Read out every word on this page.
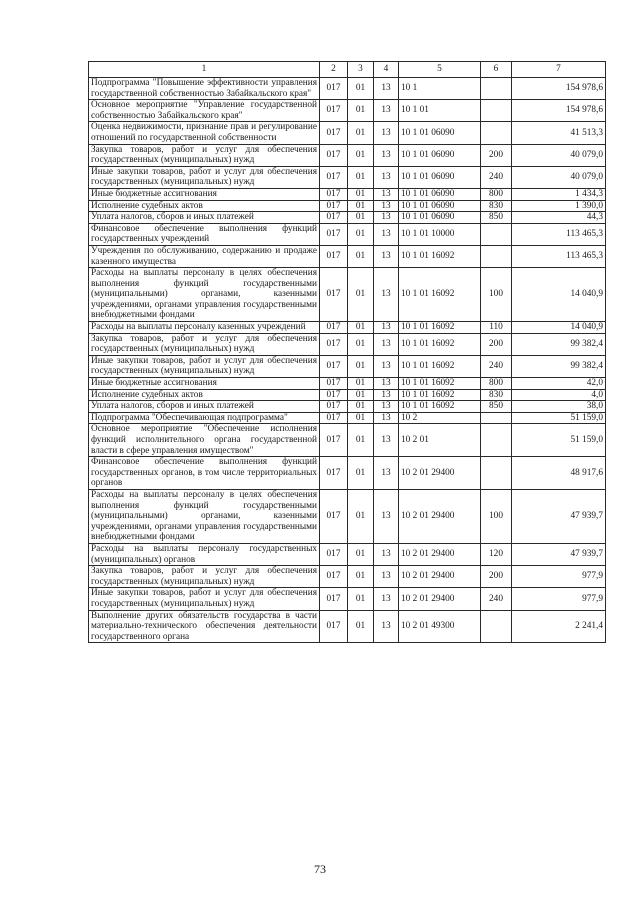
1	2	3	4	5	6	7
Подпрограмма "Повышение эффективности управления государственной собственностью Забайкальского края"	017	01	13	10 1		154 978,6
Основное мероприятие "Управление государственной собственностью Забайкальского края"	017	01	13	10 1 01		154 978,6
Оценка недвижимости, признание прав и регулирование отношений по государственной собственности	017	01	13	10 1 01 06090		41 513,3
Закупка товаров, работ и услуг для обеспечения государственных (муниципальных) нужд	017	01	13	10 1 01 06090	200	40 079,0
Иные закупки товаров, работ и услуг для обеспечения государственных (муниципальных) нужд	017	01	13	10 1 01 06090	240	40 079,0
Иные бюджетные ассигнования	017	01	13	10 1 01 06090	800	1 434,3
Исполнение судебных актов	017	01	13	10 1 01 06090	830	1 390,0
Уплата налогов, сборов и иных платежей	017	01	13	10 1 01 06090	850	44,3
Финансовое обеспечение выполнения функций государственных учреждений	017	01	13	10 1 01 10000		113 465,3
Учреждения по обслуживанию, содержанию и продаже казенного имущества	017	01	13	10 1 01 16092		113 465,3
Расходы на выплаты персоналу в целях обеспечения выполнения функций государственными (муниципальными) органами, казенными учреждениями, органами управления государственными внебюджетными фондами	017	01	13	10 1 01 16092	100	14 040,9
Расходы на выплаты персоналу казенных учреждений	017	01	13	10 1 01 16092	110	14 040,9
Закупка товаров, работ и услуг для обеспечения государственных (муниципальных) нужд	017	01	13	10 1 01 16092	200	99 382,4
Иные закупки товаров, работ и услуг для обеспечения государственных (муниципальных) нужд	017	01	13	10 1 01 16092	240	99 382,4
Иные бюджетные ассигнования	017	01	13	10 1 01 16092	800	42,0
Исполнение судебных актов	017	01	13	10 1 01 16092	830	4,0
Уплата налогов, сборов и иных платежей	017	01	13	10 1 01 16092	850	38,0
Подпрограмма "Обеспечивающая подпрограмма"	017	01	13	10 2		51 159,0
Основное мероприятие "Обеспечение исполнения функций исполнительного органа государственной власти в сфере управления имуществом"	017	01	13	10 2 01		51 159,0
Финансовое обеспечение выполнения функций государственных органов, в том числе территориальных органов	017	01	13	10 2 01 29400		48 917,6
Расходы на выплаты персоналу в целях обеспечения выполнения функций государственными (муниципальными) органами, казенными учреждениями, органами управления государственными внебюджетными фондами	017	01	13	10 2 01 29400	100	47 939,7
Расходы на выплаты персоналу государственных (муниципальных) органов	017	01	13	10 2 01 29400	120	47 939,7
Закупка товаров, работ и услуг для обеспечения государственных (муниципальных) нужд	017	01	13	10 2 01 29400	200	977,9
Иные закупки товаров, работ и услуг для обеспечения государственных (муниципальных) нужд	017	01	13	10 2 01 29400	240	977,9
Выполнение других обязательств государства в части материально-технического обеспечения деятельности государственного органа	017	01	13	10 2 01 49300		2 241,4
73
